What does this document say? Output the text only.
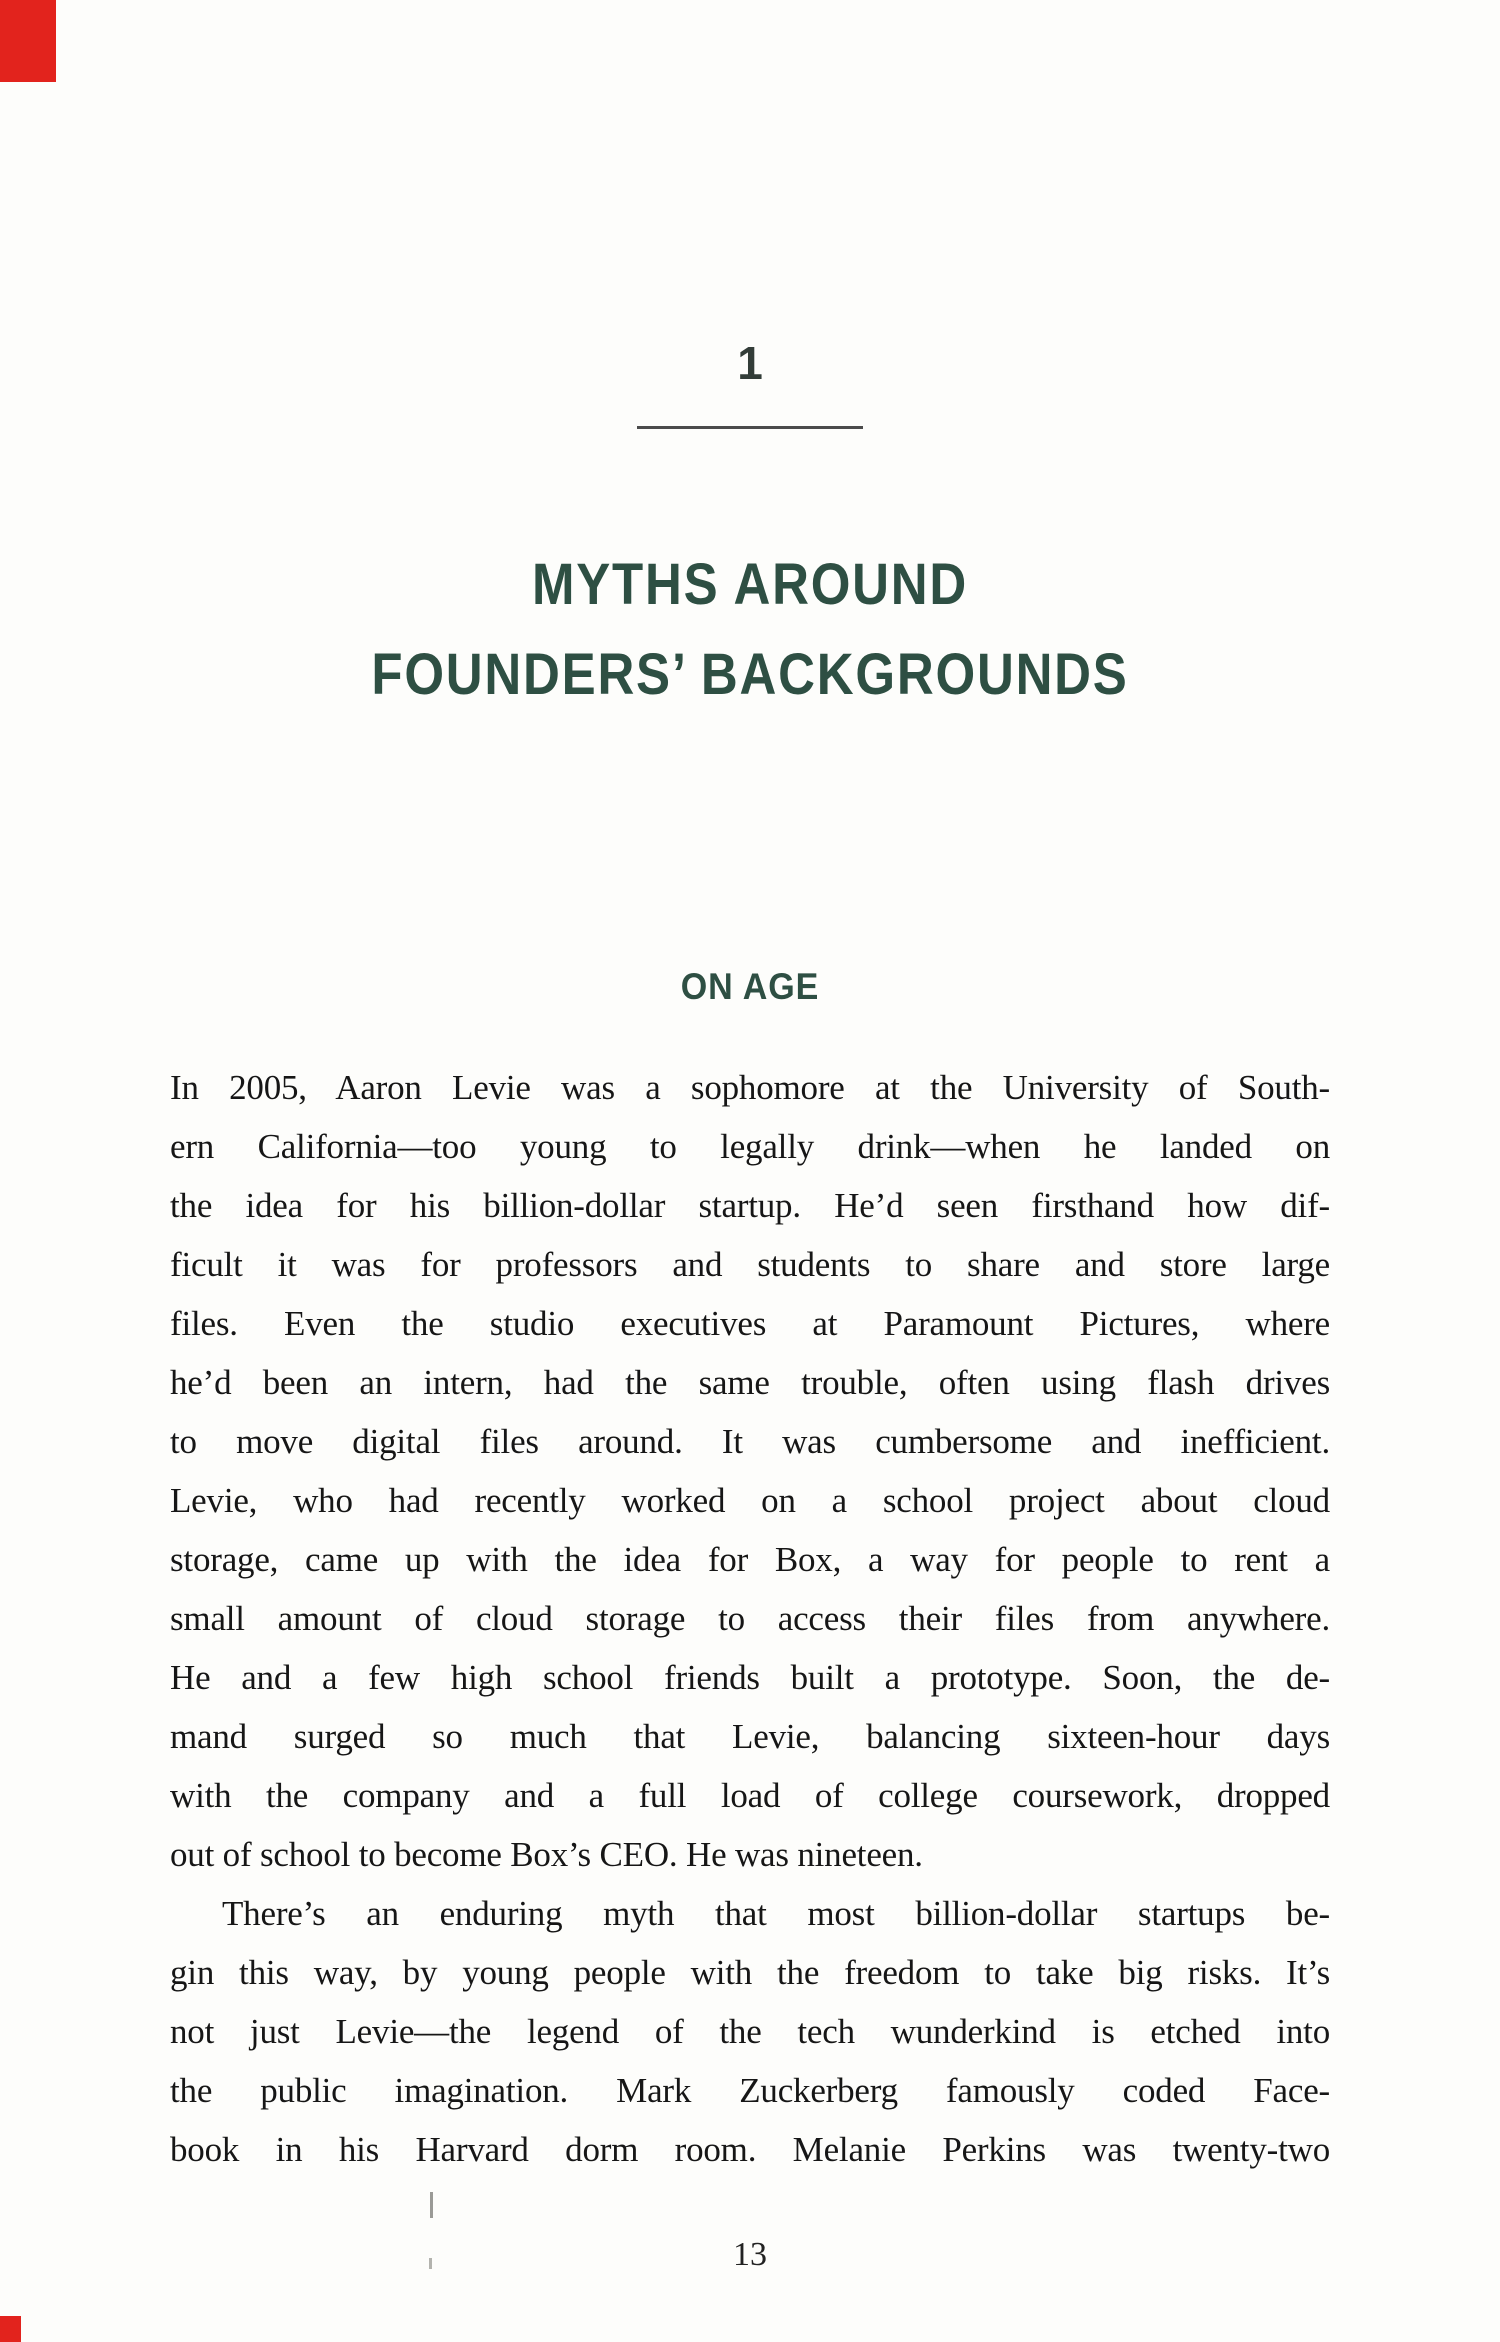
1
MYTHS AROUND
FOUNDERS’ BACKGROUNDS
ON AGE
In 2005, Aaron Levie was a sophomore at the University of South-
ern California—too young to legally drink—when he landed on
the idea for his billion-dollar startup. He’d seen firsthand how dif-
ficult it was for professors and students to share and store large
files. Even the studio executives at Paramount Pictures, where
he’d been an intern, had the same trouble, often using flash drives
to move digital files around. It was cumbersome and inefficient.
Levie, who had recently worked on a school project about cloud
storage, came up with the idea for Box, a way for people to rent a
small amount of cloud storage to access their files from anywhere.
He and a few high school friends built a prototype. Soon, the de-
mand surged so much that Levie, balancing sixteen-hour days
with the company and a full load of college coursework, dropped
out of school to become Box’s CEO. He was nineteen.
There’s an enduring myth that most billion-dollar startups be-
gin this way, by young people with the freedom to take big risks. It’s
not just Levie—the legend of the tech wunderkind is etched into
the public imagination. Mark Zuckerberg famously coded Face-
book in his Harvard dorm room. Melanie Perkins was twenty-two
13
